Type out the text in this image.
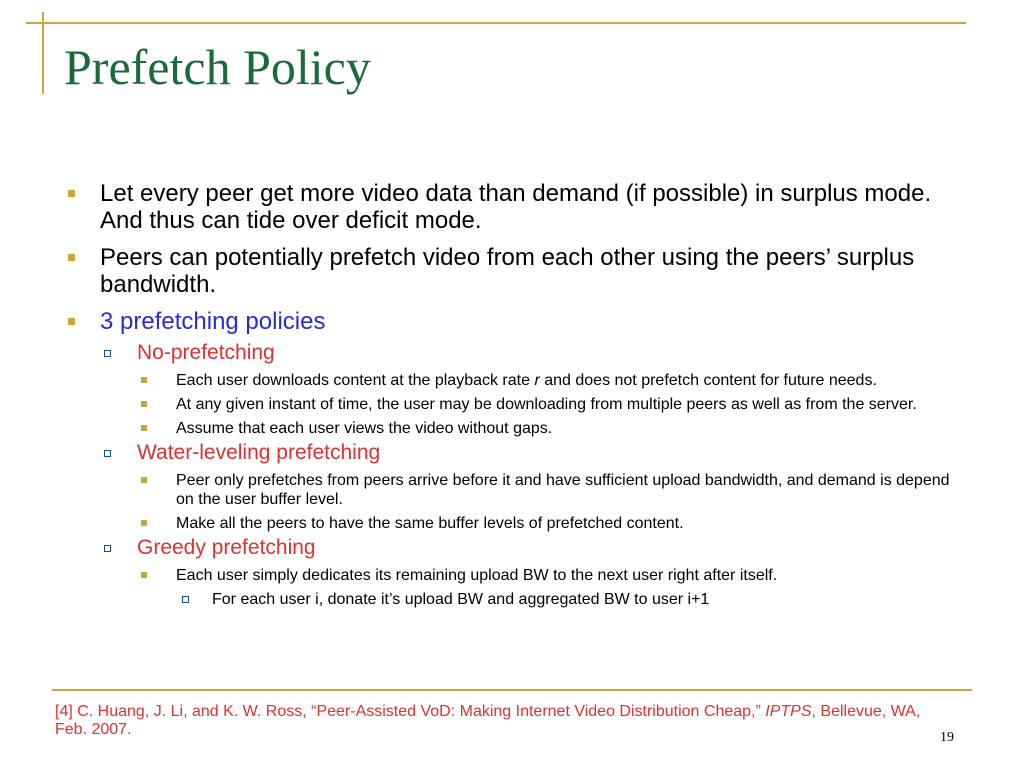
Prefetch Policy
Let every peer get more video data than demand (if possible) in surplus mode. And thus can tide over deficit mode.
Peers can potentially prefetch video from each other using the peers’ surplus bandwidth.
3 prefetching policies
No-prefetching
Each user downloads content at the playback rate r and does not prefetch content for future needs.
At any given instant of time, the user may be downloading from multiple peers as well as from the server.
Assume that each user views the video without gaps.
Water-leveling prefetching
Peer only prefetches from peers arrive before it and have sufficient upload bandwidth, and demand is depend on the user buffer level.
Make all the peers to have the same buffer levels of prefetched content.
Greedy prefetching
Each user simply dedicates its remaining upload BW to the next user right after itself.
For each user i, donate it’s upload BW and aggregated BW to user i+1
[4] C. Huang, J. Li, and K. W. Ross, “Peer-Assisted VoD: Making Internet Video Distribution Cheap,” IPTPS, Bellevue, WA, Feb. 2007.	19
